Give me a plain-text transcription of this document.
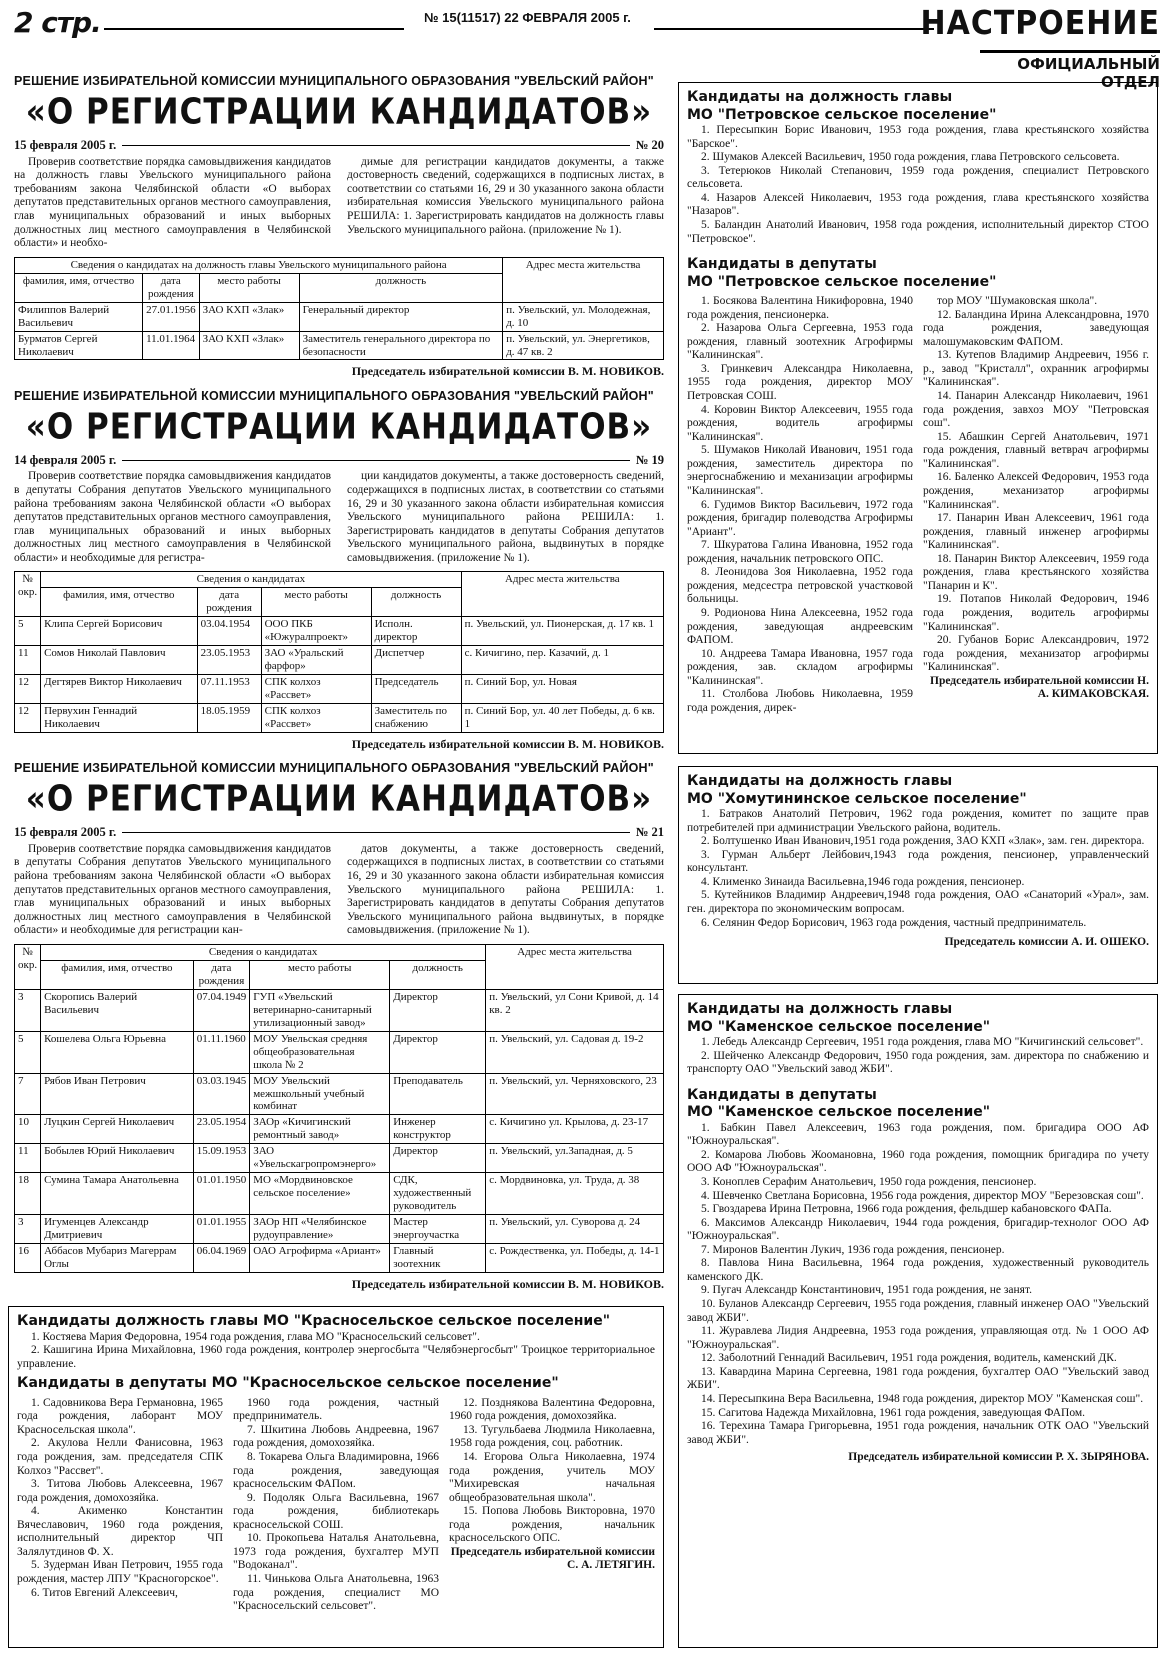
2 стр.	№ 15(11517) 22 ФЕВРАЛЯ 2005 г.	НАСТРОЕНИЕ
ОФИЦИАЛЬНЫЙ ОТДЕЛ
РЕШЕНИЕ ИЗБИРАТЕЛЬНОЙ КОМИССИИ МУНИЦИПАЛЬНОГО ОБРАЗОВАНИЯ "УВЕЛЬСКИЙ РАЙОН"
«О РЕГИСТРАЦИИ КАНДИДАТОВ»
15 февраля 2005 г.	№ 20

Проверив соответствие порядка самовыдвижения кандидатов на должность главы Увельского муниципального района требованиям закона Челябинской области «О выборах депутатов представительных органов местного самоуправления, глав муниципальных образований и иных выборных должностных лиц местного самоуправления в Челябинской области» и необхо-

димые для регистрации кандидатов документы, а также достоверность сведений, содержащихся в подписных листах, в соответствии со статьями 16, 29 и 30 указанного закона области избирательная комиссия Увельского муниципального района РЕШИЛА: 1. Зарегистрировать кандидатов на должность главы Увельского муниципального района. (приложение № 1).

Сведения о кандидатах на должность главы Увельского муниципального района				Адрес места жительства
фамилия, имя, отчество	дата рождения	место работы	должность	
Филиппов Валерий Васильевич	27.01.1956	ЗАО КХП «Злак»	Генеральный директор	п. Увельский, ул. Молодежная, д. 10
Бурматов Сергей Николаевич	11.01.1964	ЗАО КХП «Злак»	Заместитель генерального директора по безопасности	п. Увельский, ул. Энергетиков, д. 47 кв. 2
Председатель избирательной комиссии В. М. НОВИКОВ.
РЕШЕНИЕ ИЗБИРАТЕЛЬНОЙ КОМИССИИ МУНИЦИПАЛЬНОГО ОБРАЗОВАНИЯ "УВЕЛЬСКИЙ РАЙОН"
«О РЕГИСТРАЦИИ КАНДИДАТОВ»
14 февраля 2005 г.	№ 19

Проверив соответствие порядка самовыдвижения кандидатов в депутаты Собрания депутатов Увельского муниципального района требованиям закона Челябинской области «О выборах депутатов представительных органов местного самоуправления, глав муниципальных образований и иных выборных должностных лиц местного самоуправления в Челябинской области» и необходимые для регистра-

ции кандидатов документы, а также достоверность сведений, содержащихся в подписных листах, в соответствии со статьями 16, 29 и 30 указанного закона области избирательная комиссия Увельского муниципального района РЕШИЛА: 1. Зарегистрировать кандидатов в депутаты Собрания депутатов Увельского муниципального района, выдвинутых в порядке самовыдвижения. (приложение № 1).

№ окр.	Сведения о кандидатах				Адрес места жительства
	фамилия, имя, отчество	дата рождения	место работы	должность	
5	Клипа Сергей Борисович	03.04.1954	ООО ПКБ «Южуралпроект»	Исполн. директор	п. Увельский, ул. Пионерская, д. 17 кв. 1
11	Сомов Николай Павлович	23.05.1953	ЗАО «Уральский фарфор»	Диспетчер	с. Кичигино, пер. Казачий, д. 1
12	Дегтярев Виктор Николаевич	07.11.1953	СПК колхоз «Рассвет»	Председатель	п. Синий Бор, ул. Новая
12	Первухин Геннадий Николаевич	18.05.1959	СПК колхоз «Рассвет»	Заместитель по снабжению	п. Синий Бор, ул. 40 лет Победы, д. 6 кв. 1
Председатель избирательной комиссии В. М. НОВИКОВ.
РЕШЕНИЕ ИЗБИРАТЕЛЬНОЙ КОМИССИИ МУНИЦИПАЛЬНОГО ОБРАЗОВАНИЯ "УВЕЛЬСКИЙ РАЙОН"
«О РЕГИСТРАЦИИ КАНДИДАТОВ»
15 февраля 2005 г.	№ 21

Проверив соответствие порядка самовыдвижения кандидатов в депутаты Собрания депутатов Увельского муниципального района требованиям закона Челябинской области «О выборах депутатов представительных органов местного самоуправления, глав муниципальных образований и иных выборных должностных лиц местного самоуправления в Челябинской области» и необходимые для регистрации кан-

датов документы, а также достоверность сведений, содержащихся в подписных листах, в соответствии со статьями 16, 29 и 30 указанного закона области избирательная комиссия Увельского муниципального района РЕШИЛА: 1. Зарегистрировать кандидатов в депутаты Собрания депутатов Увельского муниципального района выдвинутых, в порядке самовыдвижения. (приложение № 1).

№ окр.	Сведения о кандидатах				Адрес места жительства
	фамилия, имя, отчество	дата рождения	место работы	должность	
3	Скоропись Валерий Васильевич	07.04.1949	ГУП «Увельский ветеринарно-санитарный утилизационный завод»	Директор	п. Увельский, ул Сони Кривой, д. 14 кв. 2
5	Кошелева Ольга Юрьевна	01.11.1960	МОУ Увельская средняя общеобразовательная школа № 2	Директор	п. Увельский, ул. Садовая д. 19-2
7	Рябов Иван Петрович	03.03.1945	МОУ Увельский межшкольный учебный комбинат	Преподаватель	п. Увельский, ул. Черняховского, 23
10	Луцкин Сергей Николаевич	23.05.1954	ЗАОр «Кичигинский ремонтный завод»	Инженер конструктор	с. Кичигино ул. Крылова, д. 23-17
11	Бобылев Юрий Николаевич	15.09.1953	ЗАО «Увельскагропромэнерго»	Директор	п. Увельский, ул.Западная, д. 5
18	Сумина Тамара Анатольевна	01.01.1950	МО «Мордвиновское сельское поселение»	СДК, художественный руководитель	с. Мордвиновка, ул. Труда, д. 38
3	Игуменцев Александр Дмитриевич	01.01.1955	ЗАОр НП «Челябинское рудоуправление»	Мастер энергоучастка	п. Увельский, ул. Суворова д. 24
16	Аббасов Мубариз Магеррам Оглы	06.04.1969	ОАО Агрофирма «Ариант»	Главный зоотехник	с. Рождественка, ул. Победы, д. 14-1
Председатель избирательной комиссии В. М. НОВИКОВ.
Кандидаты должность главы МО "Красносельское сельское поселение"
1. Костяева Мария Федоровна, 1954 года рождения, глава МО "Красносельский сельсовет".
2. Кашигина Ирина Михайловна, 1960 года рождения, контролер энергосбыта "Челябэнергосбыт" Троицкое территориальное управление.
Кандидаты в депутаты МО "Красносельское сельское поселение"
1. Садовникова Вера Германовна, 1965 года рождения, лаборант МОУ Красносельская школа".
2. Акулова Нелли Фанисовна, 1963 года рождения, зам. председателя СПК Колхоз "Рассвет".
3. Титова Любовь Алексеевна, 1967 года рождения, домохозяйка.
4. Акименко Константин Вячеславович, 1960 года рождения, исполнительный директор ЧП Залялутдинов Ф. Х.
5. Зудерман Иван Петрович, 1955 года рождения, мастер ЛПУ "Красногорское".
6. Титов Евгений Алексеевич,
1960 года рождения, частный предприниматель.
7. Шкитина Любовь Андреевна, 1967 года рождения, домохозяйка.
8. Токарева Ольга Владимировна, 1966 года рождения, заведующая красносельским ФАПом.
9. Подоляк Ольга Васильевна, 1967 года рождения, библиотекарь красносельской СОШ.
10. Прокопьева Наталья Анатольевна, 1973 года рождения, бухгалтер МУП "Водоканал".
11. Чинькова Ольга Анатольевна, 1963 года рождения, специалист МО "Красносельский сельсовет".
12. Позднякова Валентина Федоровна, 1960 года рождения, домохозяйка.
13. Тугульбаева Людмила Николаевна, 1958 года рождения, соц. работник.
14. Егорова Ольга Николаевна, 1974 года рождения, учитель МОУ "Михиревская начальная общеобразовательная школа".
15. Попова Любовь Викторовна, 1970 года рождения, начальник красносельского ОПС.
Председатель избирательной комиссии С. А. ЛЕТЯГИН.
Кандидаты на должность главы
МО "Петровское сельское поселение"
1. Пересыпкин Борис Иванович, 1953 года рождения, глава крестьянского хозяйства "Барское".
2. Шумаков Алексей Васильевич, 1950 года рождения, глава Петровского сельсовета.
3. Тетерюков Николай Степанович, 1959 года рождения, специалист Петровского сельсовета.
4. Назаров Алексей Николаевич, 1953 года рождения, глава крестьянского хозяйства "Назаров".
5. Баландин Анатолий Иванович, 1958 года рождения, исполнительный директор СТОО "Петровское".
Кандидаты в депутаты
МО "Петровское сельское поселение"
1. Босякова Валентина Никифоровна, 1940 года рождения, пенсионерка.
2. Назарова Ольга Сергеевна, 1953 года рождения, главный зоотехник Агрофирмы "Калининская".
3. Гринкевич Александра Николаевна, 1955 года рождения, директор МОУ Петровская СОШ.
4. Коровин Виктор Алексеевич, 1955 года рождения, водитель агрофирмы "Калининская".
5. Шумаков Николай Иванович, 1951 года рождения, заместитель директора по энергоснабжению и механизации агрофирмы "Калининская".
6. Гудимов Виктор Васильевич, 1972 года рождения, бригадир полеводства Агрофирмы "Ариант".
7. Шкуратова Галина Ивановна, 1952 года рождения, начальник петровского ОПС.
8. Леонидова Зоя Николаевна, 1952 года рождения, медсестра петровской участковой больницы.
9. Родионова Нина Алексеевна, 1952 года рождения, заведующая андреевским ФАПОМ.
10. Андреева Тамара Ивановна, 1957 года рождения, зав. складом агрофирмы "Калининская".
11. Столбова Любовь Николаевна, 1959 года рождения, дирек-
тор МОУ "Шумаковская школа".
12. Баландина Ирина Александровна, 1970 года рождения, заведующая малошумаковским ФАПОМ.
13. Кутепов Владимир Андреевич, 1956 г. р., завод "Кристалл", охранник агрофирмы "Калининская".
14. Панарин Александр Николаевич, 1961 года рождения, завхоз МОУ "Петровская сош".
15. Абашкин Сергей Анатольевич, 1971 года рождения, главный ветврач агрофирмы "Калининская".
16. Баленко Алексей Федорович, 1953 года рождения, механизатор агрофирмы "Калининская".
17. Панарин Иван Алексеевич, 1961 года рождения, главный инженер агрофирмы "Калининская".
18. Панарин Виктор Алексеевич, 1959 года рождения, глава крестьянского хозяйства "Панарин и К".
19. Потапов Николай Федорович, 1946 года рождения, водитель агрофирмы "Калининская".
20. Губанов Борис Александрович, 1972 года рождения, механизатор агрофирмы "Калининская".
Председатель избирательной комиссии Н. А. КИМАКОВСКАЯ.
Кандидаты на должность главы
МО "Хомутининское сельское поселение"
1. Батраков Анатолий Петрович, 1962 года рождения, комитет по защите прав потребителей при администрации Увельского района, водитель.
2. Болтушенко Иван Иванович,1951 года рождения, ЗАО КХП «Злак», зам. ген. директора.
3. Гурман Альберт Лейбович,1943 года рождения, пенсионер, управленческий консультант.
4. Клименко Зинаида Васильевна,1946 года рождения, пенсионер.
5. Кутейников Владимир Андреевич,1948 года рождения, ОАО «Санаторий «Урал», зам. ген. директора по экономическим вопросам.
6. Селянин Федор Борисович, 1963 года рождения, частный предприниматель.
Председатель комиссии А. И. ОШЕКО.
Кандидаты на должность главы
МО "Каменское сельское поселение"
1. Лебедь Александр Сергеевич, 1951 года рождения, глава МО "Кичигинский сельсовет".
2. Шейченко Александр Федорович, 1950 года рождения, зам. директора по снабжению и транспорту ОАО "Увельский завод ЖБИ".
Кандидаты в депутаты
МО "Каменское сельское поселение"
1. Бабкин Павел Алексеевич, 1963 года рождения, пом. бригадира ООО АФ "Южноуральская".
2. Комарова Любовь Жоомановна, 1960 года рождения, помощник бригадира по учету ООО АФ "Южноуральская".
3. Коноплев Серафим Анатольевич, 1950 года рождения, пенсионер.
4. Шевченко Светлана Борисовна, 1956 года рождения, директор МОУ "Березовская сош".
5. Гвоздарева Ирина Петровна, 1966 года рождения, фельдшер кабановского ФАПа.
6. Максимов Александр Николаевич, 1944 года рождения, бригадир-технолог ООО АФ "Южноуральская".
7. Миронов Валентин Лукич, 1936 года рождения, пенсионер.
8. Павлова Нина Васильевна, 1964 года рождения, художественный руководитель каменского ДК.
9. Пугач Александр Константинович, 1951 года рождения, не занят.
10. Буланов Александр Сергеевич, 1955 года рождения, главный инженер ОАО "Увельский завод ЖБИ".
11. Журавлева Лидия Андреевна, 1953 года рождения, управляющая отд. № 1 ООО АФ "Южноуральская".
12. Заболотний Геннадий Васильевич, 1951 года рождения, водитель, каменский ДК.
13. Кавардина Марина Сергеевна, 1981 года рождения, бухгалтер ОАО "Увельский завод ЖБИ".
14. Пересыпкина Вера Васильевна, 1948 года рождения, директор МОУ "Каменская сош".
15. Сагитова Надежда Михайловна, 1961 года рождения, заведующая ФАПом.
16. Терехина Тамара Григорьевна, 1951 года рождения, начальник ОТК ОАО "Увельский завод ЖБИ".
Председатель избирательной комиссии Р. Х. ЗЫРЯНОВА.
